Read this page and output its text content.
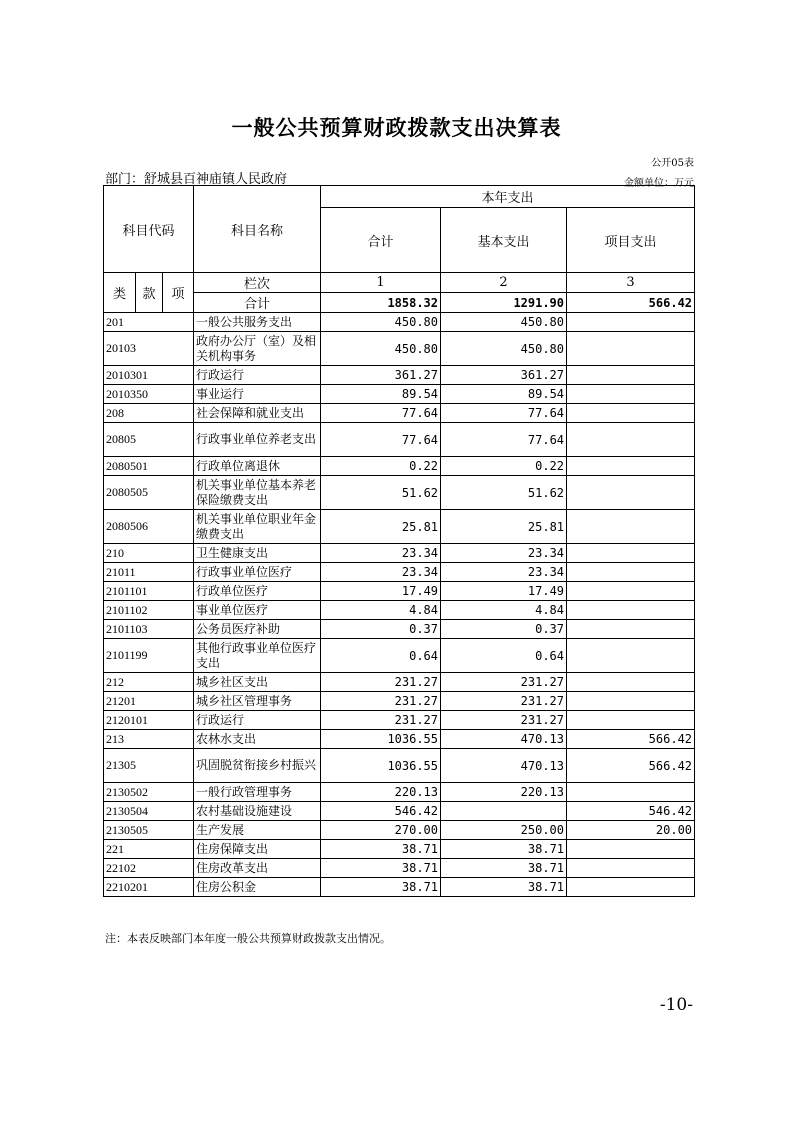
一般公共预算财政拨款支出决算表
公开05表
部门：舒城县百神庙镇人民政府	金额单位：万元
科目代码			科目名称	本年支出		
				合计	基本支出	项目支出
类	款	项	栏次	1	2	3
			合计	1858.32	1291.90	566.42
201			一般公共服务支出	450.80	450.80	
20103			政府办公厅（室）及相关机构事务	450.80	450.80	
2010301			行政运行	361.27	361.27	
2010350			事业运行	89.54	89.54	
208			社会保障和就业支出	77.64	77.64	
20805			行政事业单位养老支出	77.64	77.64	
2080501			行政单位离退休	0.22	0.22	
2080505			机关事业单位基本养老保险缴费支出	51.62	51.62	
2080506			机关事业单位职业年金缴费支出	25.81	25.81	
210			卫生健康支出	23.34	23.34	
21011			行政事业单位医疗	23.34	23.34	
2101101			行政单位医疗	17.49	17.49	
2101102			事业单位医疗	4.84	4.84	
2101103			公务员医疗补助	0.37	0.37	
2101199			其他行政事业单位医疗支出	0.64	0.64	
212			城乡社区支出	231.27	231.27	
21201			城乡社区管理事务	231.27	231.27	
2120101			行政运行	231.27	231.27	
213			农林水支出	1036.55	470.13	566.42
21305			巩固脱贫衔接乡村振兴	1036.55	470.13	566.42
2130502			一般行政管理事务	220.13	220.13	
2130504			农村基础设施建设	546.42		546.42
2130505			生产发展	270.00	250.00	20.00
221			住房保障支出	38.71	38.71	
22102			住房改革支出	38.71	38.71	
2210201			住房公积金	38.71	38.71	
注：本表反映部门本年度一般公共预算财政拨款支出情况。
-10-
